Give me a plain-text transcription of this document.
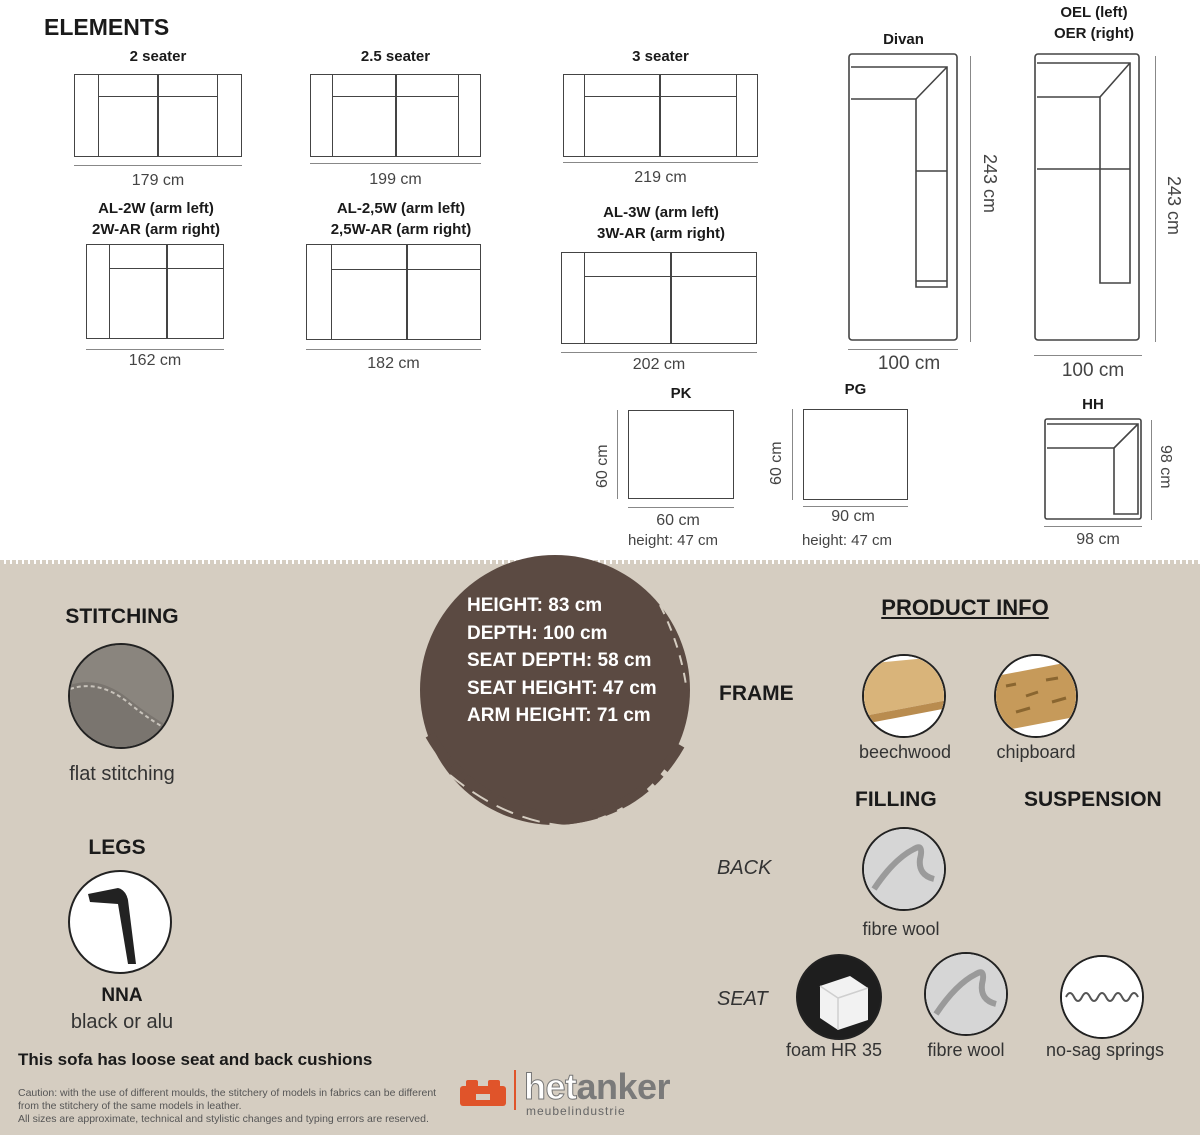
ELEMENTS
2 seater
179 cm
2.5 seater
199 cm
3 seater
219 cm
AL-2W (arm left)
2W-AR (arm right)
162 cm
AL-2,5W (arm left)
2,5W-AR (arm right)
182 cm
AL-3W (arm left)
3W-AR (arm right)
202 cm
Divan
243 cm
100 cm
OEL (left)
OER (right)
243 cm
100 cm
PK
60 cm
60 cm
height: 47 cm
PG
60 cm
90 cm
height: 47 cm
HH
98 cm
98 cm
STITCHING
flat stitching
LEGS
NNA
black or alu
HEIGHT: 83 cm
DEPTH: 100 cm
SEAT DEPTH: 58 cm
SEAT HEIGHT: 47 cm
ARM HEIGHT: 71 cm
PRODUCT INFO
FRAME
beechwood	chipboard
FILLING	SUSPENSION
BACK
fibre wool
SEAT
foam HR 35	fibre wool	no-sag springs
This sofa has loose seat and back cushions
Caution: with the use of different moulds, the stitchery of models in fabrics can be different
from the stitchery of the same models in leather.
All sizes are approximate, technical and stylistic changes and typing errors are reserved.
hetanker
meubelindustrie
